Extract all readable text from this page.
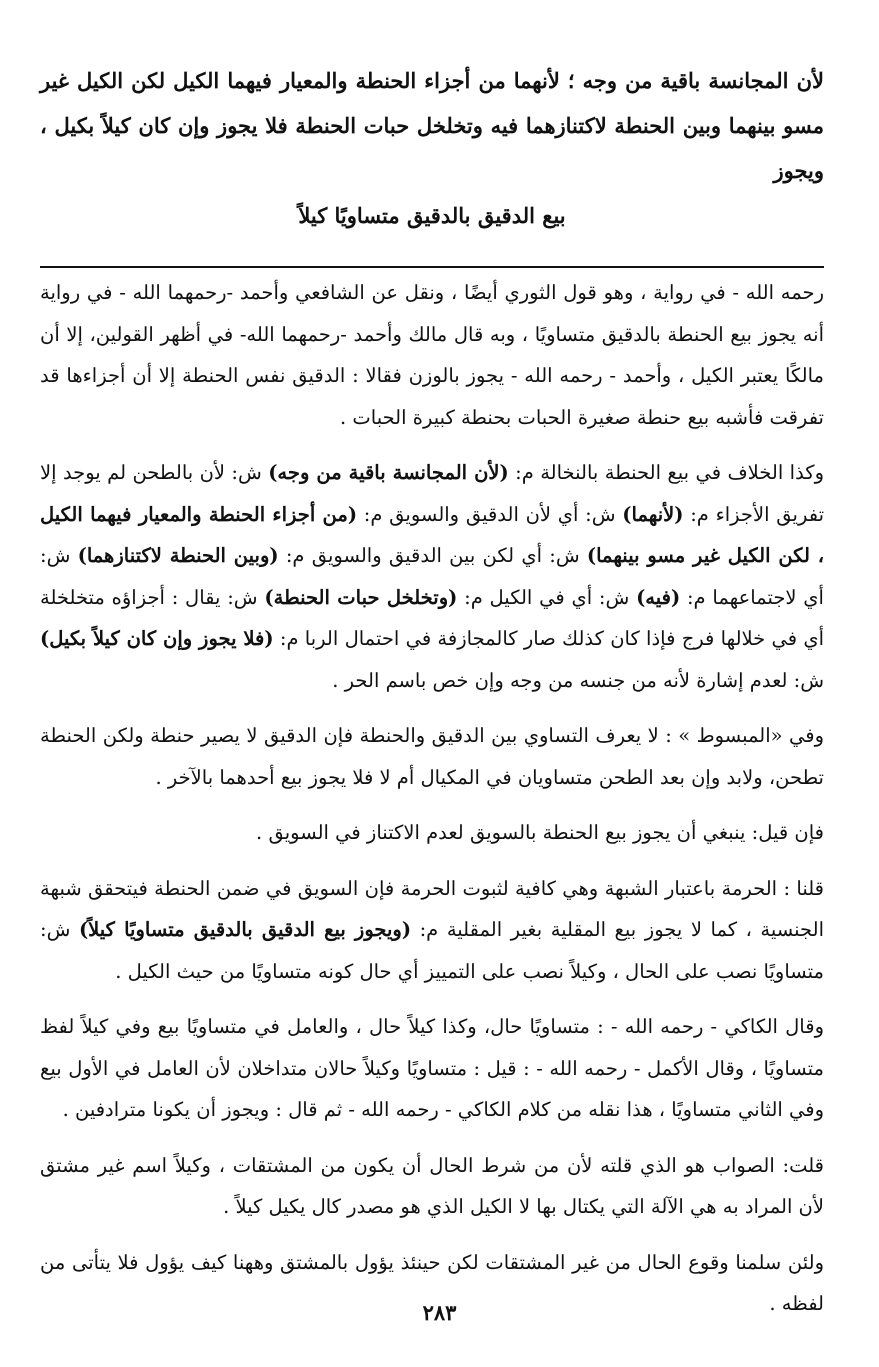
لأن المجانسة باقية من وجه ؛ لأنهما من أجزاء الحنطة والمعيار فيهما الكيل لكن الكيل غير مسو بينهما وبين الحنطة لاكتنازهما فيه وتخلخل حبات الحنطة فلا يجوز وإن كان كيلاً بكيل ، ويجوز
بيع الدقيق بالدقيق متساويًا كيلاً

رحمه الله - في رواية ، وهو قول الثوري أيضًا ، ونقل عن الشافعي وأحمد -رحمهما الله - في رواية أنه يجوز بيع الحنطة بالدقيق متساويًا ، وبه قال مالك وأحمد -رحمهما الله- في أظهر القولين، إلا أن مالكًا يعتبر الكيل ، وأحمد - رحمه الله - يجوز بالوزن فقالا : الدقيق نفس الحنطة إلا أن أجزاءها قد تفرقت فأشبه بيع حنطة صغيرة الحبات بحنطة كبيرة الحبات .

وكذا الخلاف في بيع الحنطة بالنخالة م: (لأن المجانسة باقية من وجه) ش: لأن بالطحن لم يوجد إلا تفريق الأجزاء م: (لأنهما) ش: أي لأن الدقيق والسويق م: (من أجزاء الحنطة والمعيار فيهما الكيل ، لكن الكيل غير مسو بينهما) ش: أي لكن بين الدقيق والسويق م: (وبين الحنطة لاكتنازهما) ش: أي لاجتماعهما م: (فيه) ش: أي في الكيل م: (وتخلخل حبات الحنطة) ش: يقال : أجزاؤه متخلخلة أي في خلالها فرج فإذا كان كذلك صار كالمجازفة في احتمال الربا م: (فلا يجوز وإن كان كيلاً بكيل) ش: لعدم إشارة لأنه من جنسه من وجه وإن خص باسم الحر .

وفي «المبسوط » : لا يعرف التساوي بين الدقيق والحنطة فإن الدقيق لا يصير حنطة ولكن الحنطة تطحن، ولابد وإن بعد الطحن متساويان في المكيال أم لا فلا يجوز بيع أحدهما بالآخر .

فإن قيل: ينبغي أن يجوز بيع الحنطة بالسويق لعدم الاكتناز في السويق .

قلنا : الحرمة باعتبار الشبهة وهي كافية لثبوت الحرمة فإن السويق في ضمن الحنطة فيتحقق شبهة الجنسية ، كما لا يجوز بيع المقلية بغير المقلية م: (ويجوز بيع الدقيق بالدقيق متساويًا كيلاً) ش: متساويًا نصب على الحال ، وكيلاً نصب على التمييز أي حال كونه متساويًا من حيث الكيل .

وقال الكاكي - رحمه الله - : متساويًا حال، وكذا كيلاً حال ، والعامل في متساويًا بيع وفي كيلاً لفظ متساويًا ، وقال الأكمل - رحمه الله - : قيل : متساويًا وكيلاً حالان متداخلان لأن العامل في الأول بيع وفي الثاني متساويًا ، هذا نقله من كلام الكاكي - رحمه الله - ثم قال : ويجوز أن يكونا مترادفين .

قلت: الصواب هو الذي قلته لأن من شرط الحال أن يكون من المشتقات ، وكيلاً اسم غير مشتق لأن المراد به هي الآلة التي يكتال بها لا الكيل الذي هو مصدر كال يكيل كيلاً .

ولئن سلمنا وقوع الحال من غير المشتقات لكن حينئذ يؤول بالمشتق وههنا كيف يؤول فلا يتأتى من لفظه .

٢٨٣
